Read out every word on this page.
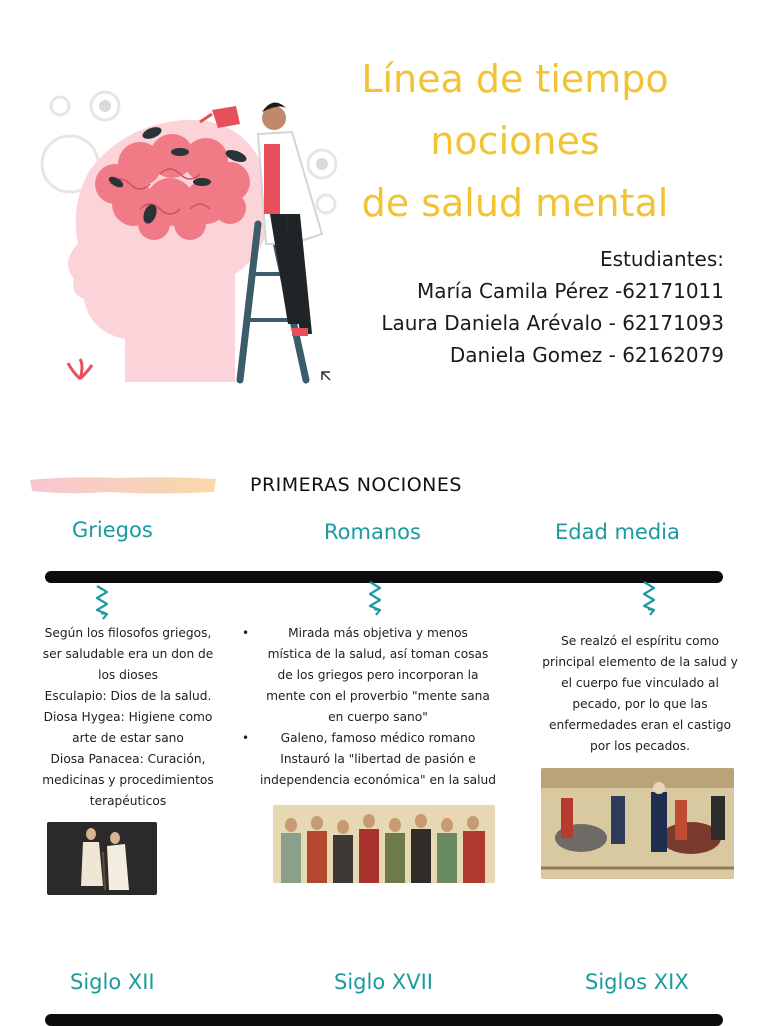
Línea de tiempo nociones
de salud mental
Estudiantes:
María Camila Pérez -62171011
Laura Daniela Arévalo - 62171093
Daniela Gomez - 62162079
PRIMERAS NOCIONES
Griegos	Romanos	Edad media
Según los filosofos griegos,
ser saludable era un don de
los dioses
Esculapio: Dios de la salud.
Diosa Hygea: Higiene como
arte de estar sano
Diosa Panacea: Curación,
medicinas y procedimientos
terapéuticos
•	Mirada más objetiva y menos
mística de la salud, así toman cosas
de los griegos pero incorporan la
mente con el proverbio "mente sana
en cuerpo sano"
•	Galeno, famoso médico romano
Instauró la "libertad de pasión e
independencia económica" en la salud
Se realzó el espíritu como
principal elemento de la salud y
el cuerpo fue vinculado al
pecado, por lo que las
enfermedades eran el castigo
por los pecados.
Siglo XII	Siglo XVII	Siglos XIX
